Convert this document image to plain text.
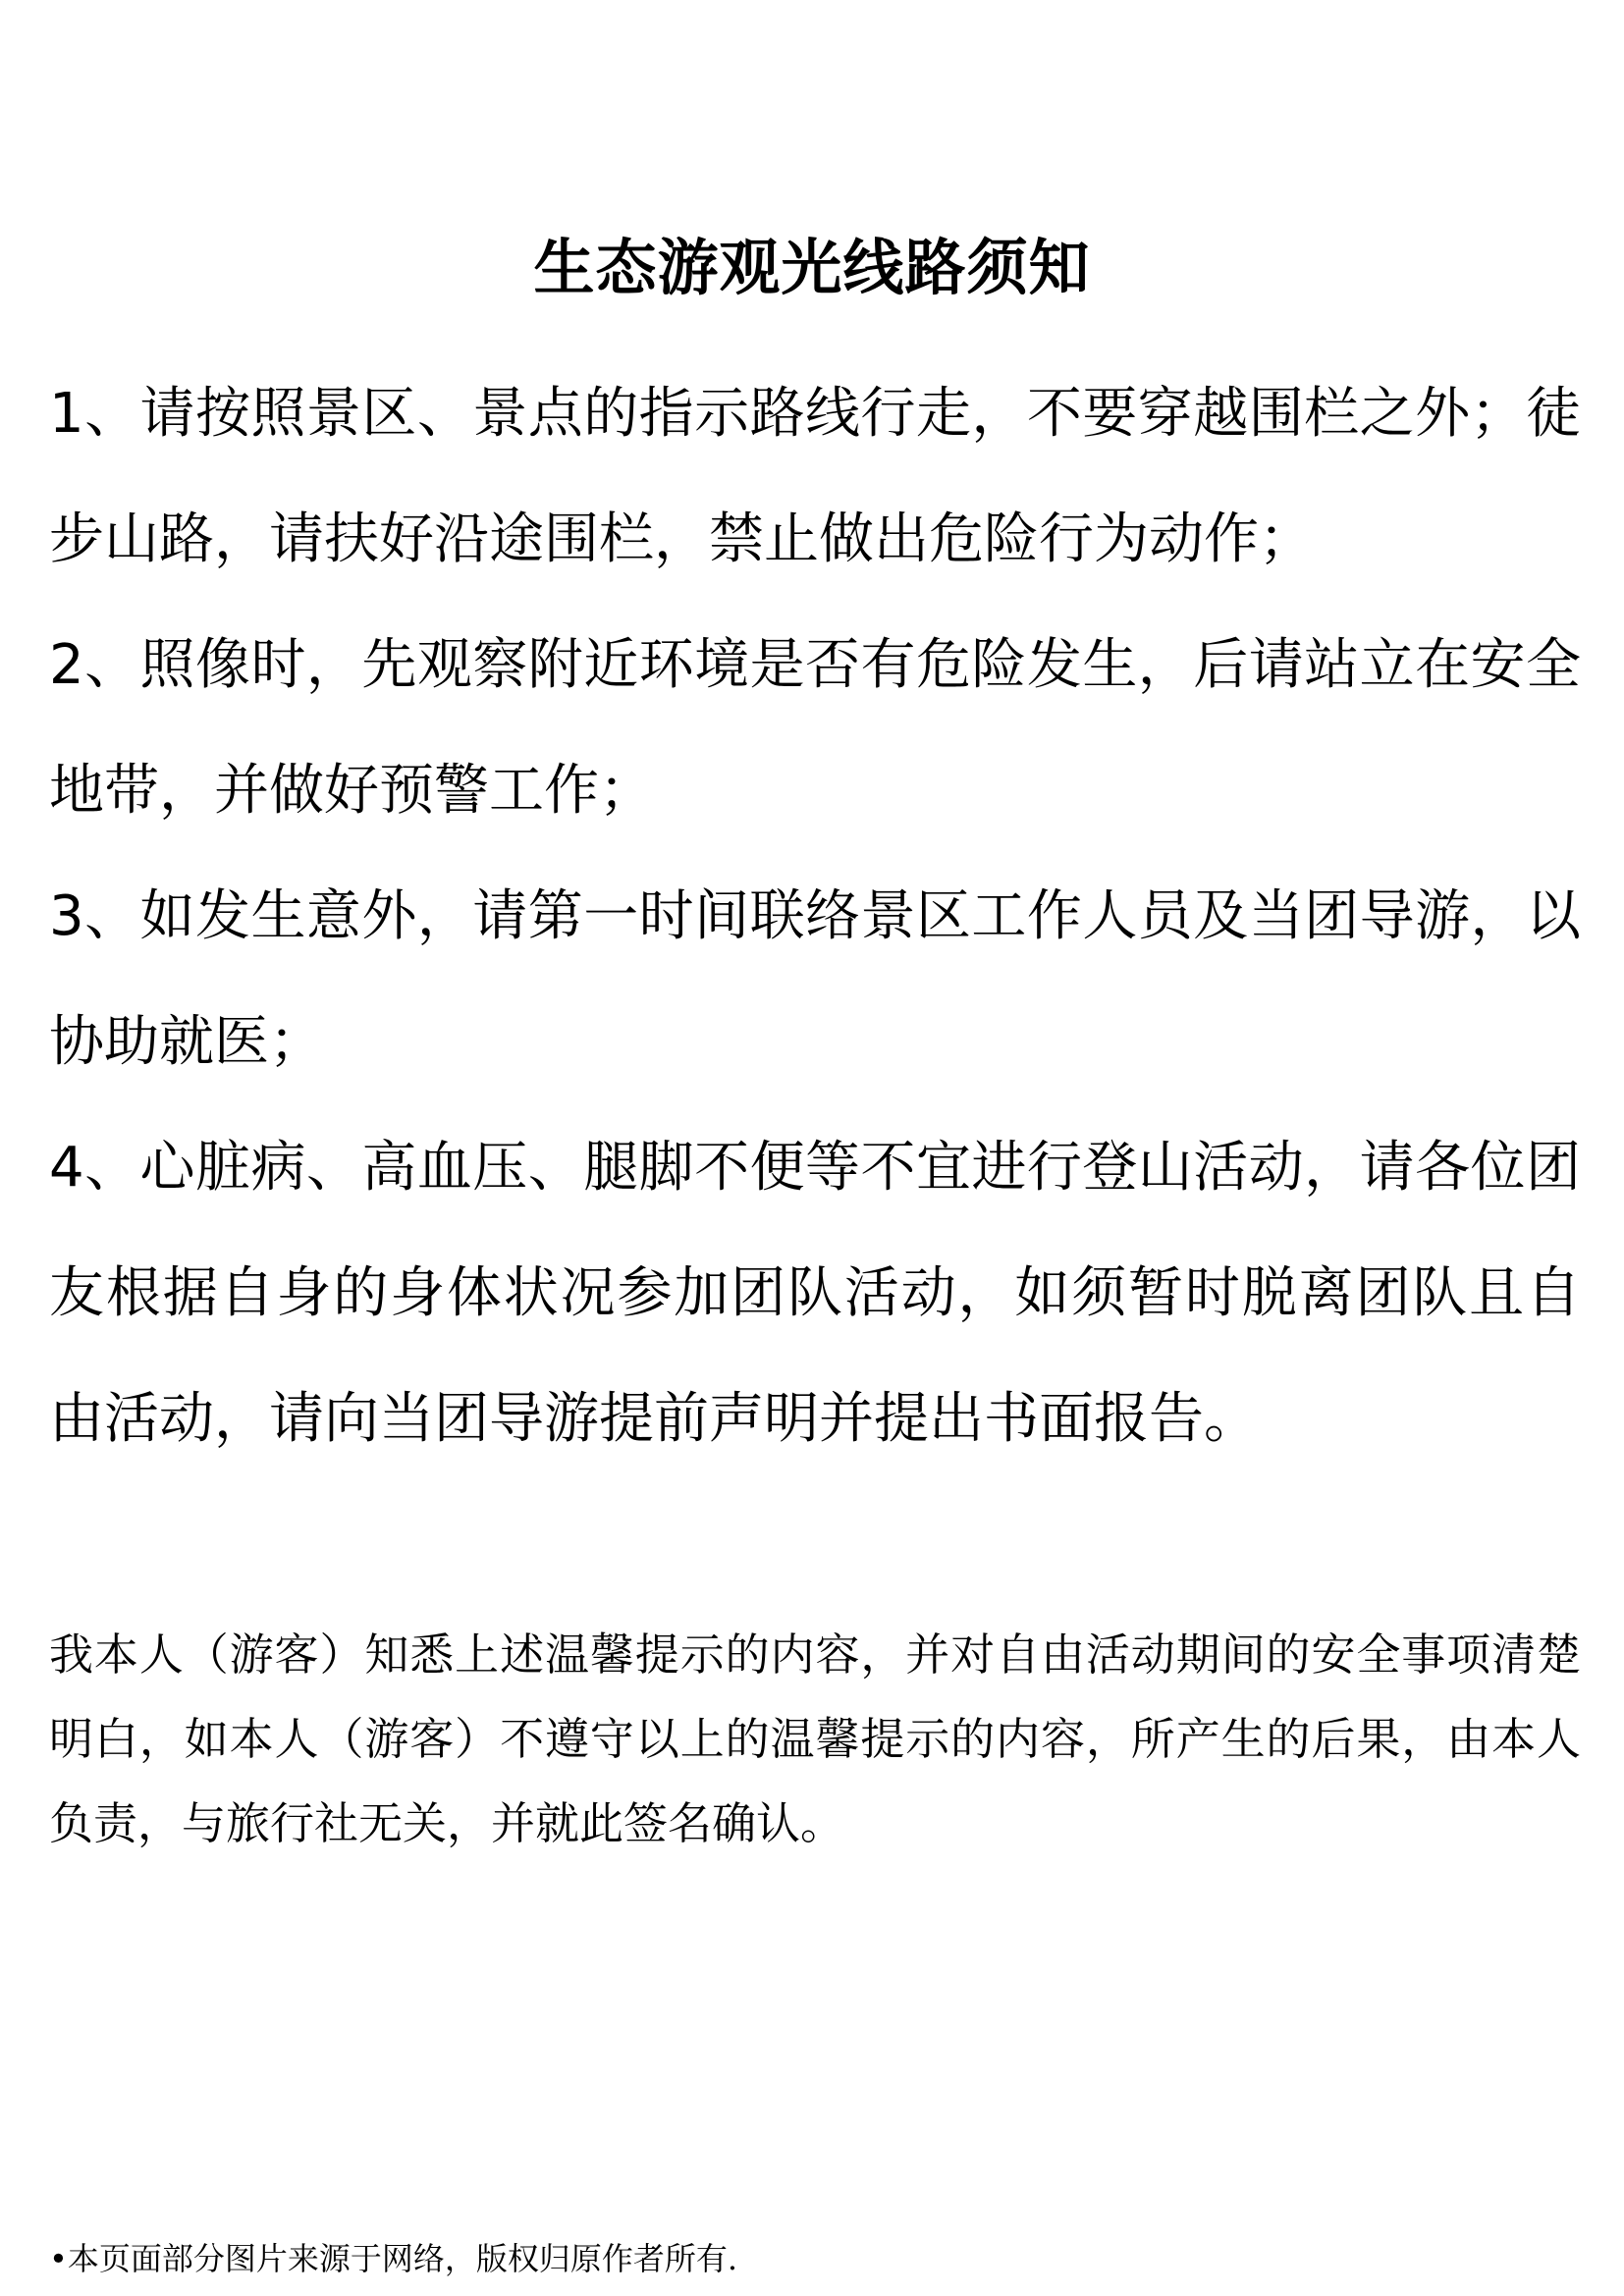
生态游观光线路须知
1、请按照景区、景点的指示路线行走，不要穿越围栏之外；徒步山路，请扶好沿途围栏，禁止做出危险行为动作；
2、照像时，先观察附近环境是否有危险发生，后请站立在安全地带，并做好预警工作；
3、如发生意外，请第一时间联络景区工作人员及当团导游，以协助就医；
4、心脏病、高血压、腿脚不便等不宜进行登山活动，请各位团友根据自身的身体状况参加团队活动，如须暂时脱离团队且自由活动，请向当团导游提前声明并提出书面报告。
我本人（游客）知悉上述温馨提示的内容，并对自由活动期间的安全事项清楚明白，如本人（游客）不遵守以上的温馨提示的内容，所产生的后果，由本人负责，与旅行社无关，并就此签名确认。
•本页面部分图片来源于网络，版权归原作者所有.
